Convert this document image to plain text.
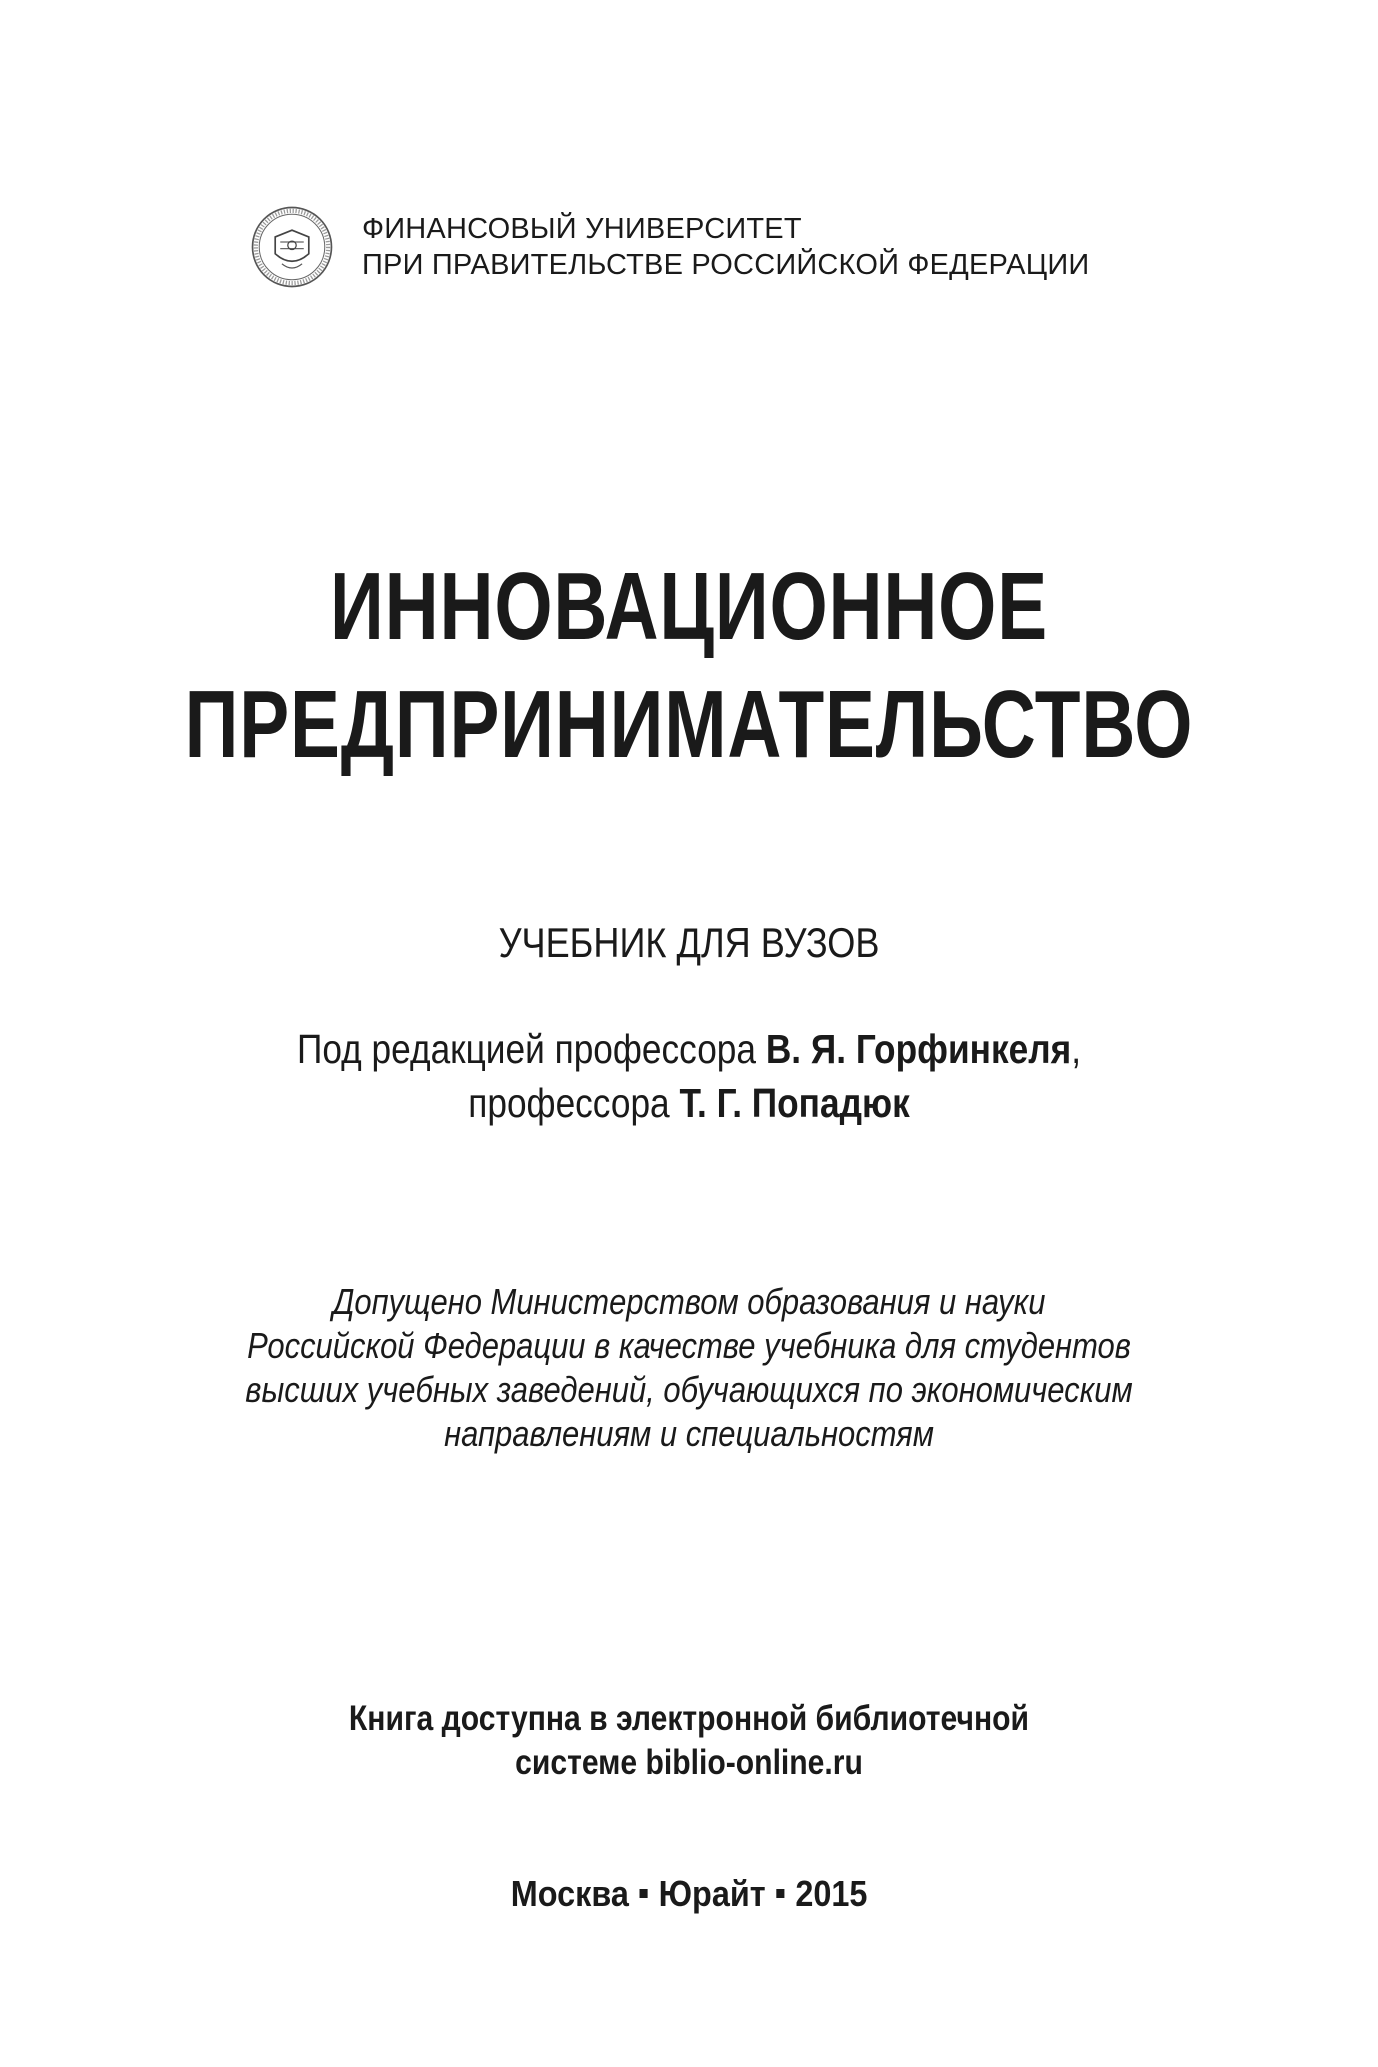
ФИНАНСОВЫЙ УНИВЕРСИТЕТ
ПРИ ПРАВИТЕЛЬСТВЕ РОССИЙСКОЙ ФЕДЕРАЦИИ
ИННОВАЦИОННОЕ
ПРЕДПРИНИМАТЕЛЬСТВО
УЧЕБНИК ДЛЯ ВУЗОВ
Под редакцией профессора В. Я. Горфинкеля,
профессора Т. Г. Попадюк
Допущено Министерством образования и науки
Российской Федерации в качестве учебника для студентов
высших учебных заведений, обучающихся по экономическим
направлениям и специальностям
Книга доступна в электронной библиотечной
системе biblio-online.ru
Москва Юрайт 2015
